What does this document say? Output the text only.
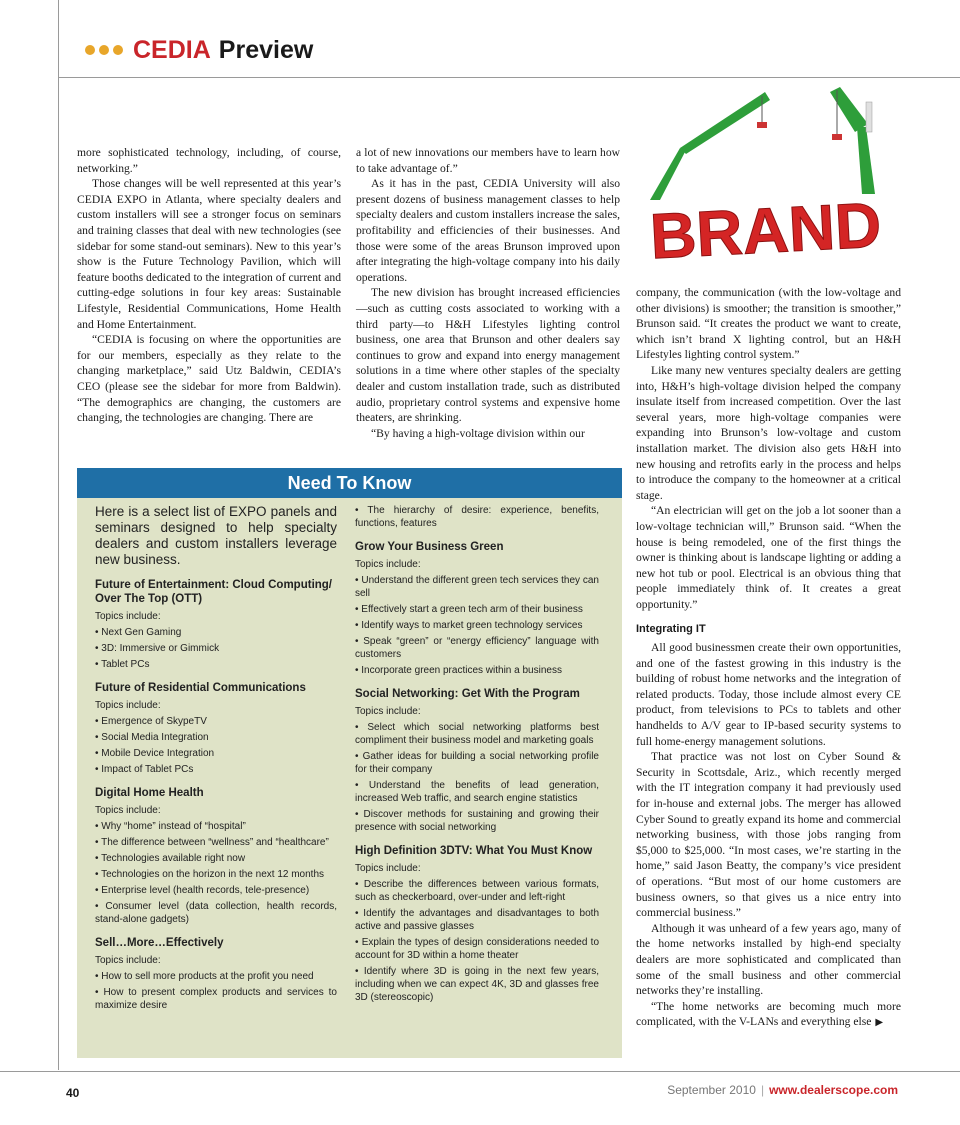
CEDIA Preview

more sophisticated technology, including, of course, networking.”

Those changes will be well represented at this year’s CEDIA EXPO in Atlanta, where specialty dealers and custom installers will see a stronger focus on seminars and training classes that deal with new technologies (see sidebar for some stand-out seminars). New to this year’s show is the Future Technology Pavilion, which will feature booths dedicated to the integration of current and cutting-edge solutions in four key areas: Sustainable Lifestyle, Residential Communications, Home Health and Home Entertainment.

“CEDIA is focusing on where the opportunities are for our members, especially as they relate to the changing marketplace,” said Utz Baldwin, CEDIA’s CEO (please see the sidebar for more from Baldwin). “The demographics are changing, the customers are changing, the technologies are changing. There are

a lot of new innovations our members have to learn how to take advantage of.”

As it has in the past, CEDIA University will also present dozens of business management classes to help specialty dealers and custom installers increase the sales, profitability and efficiencies of their businesses. And those were some of the areas Brunson improved upon after integrating the high-voltage company into his daily operations.

The new division has brought increased efficiencies—such as cutting costs associated to working with a third party—to H&H Lifestyles lighting control business, one area that Brunson and other dealers say continues to grow and expand into energy management solutions in a time where other staples of the specialty dealer and custom installation trade, such as distributed audio, proprietary control systems and expensive home theaters, are shrinking.

“By having a high-voltage division within our

BRAND

company, the communication (with the low-voltage and other divisions) is smoother; the transition is smoother,” Brunson said. “It creates the product we want to create, which isn’t brand X lighting control, but an H&H Lifestyles lighting control system.”

Like many new ventures specialty dealers are getting into, H&H’s high-voltage division helped the company insulate itself from increased competition. Over the last several years, more high-voltage companies were expanding into Brunson’s low-voltage and custom installation market. The division also gets H&H into new housing and retrofits early in the process and helps to introduce the company to the homeowner at a critical stage.

“An electrician will get on the job a lot sooner than a low-voltage technician will,” Brunson said. “When the house is being remodeled, one of the first things the owner is thinking about is landscape lighting or adding a new hot tub or pool. Electrical is an obvious thing that people immediately think of. It creates a great opportunity.”

Integrating IT

All good businessmen create their own opportunities, and one of the fastest growing in this industry is the building of robust home networks and the integration of related products. Today, those include almost every CE product, from televisions to PCs to tablets and other handhelds to A/V gear to IP-based security systems to full home-energy management solutions.

That practice was not lost on Cyber Sound & Security in Scottsdale, Ariz., which recently merged with the IT integration company it had previously used for in-house and external jobs. The merger has allowed Cyber Sound to greatly expand its home and commercial networking business, with those jobs ranging from $5,000 to $25,000. “In most cases, we’re starting in the home,” said Jason Beatty, the company’s vice president of operations. “But most of our home customers are business owners, so that gives us a nice entry into commercial business.”

Although it was unheard of a few years ago, many of the home networks installed by high-end specialty dealers are more sophisticated and complicated than some of the small business and other commercial networks they’re installing.

“The home networks are becoming much more complicated, with the V-LANs and everything else ▶

Need To Know

Here is a select list of EXPO panels and seminars designed to help specialty dealers and custom installers leverage new business.

Future of Entertainment: Cloud Computing/ Over The Top (OTT)

Topics include:

• Next Gen Gaming

• 3D: Immersive or Gimmick

• Tablet PCs

Future of Residential Communications

Topics include:

• Emergence of SkypeTV

• Social Media Integration

• Mobile Device Integration

• Impact of Tablet PCs

Digital Home Health

Topics include:

• Why “home” instead of “hospital”

• The difference between “wellness” and “healthcare”

• Technologies available right now

• Technologies on the horizon in the next 12 months

• Enterprise level (health records, tele-presence)

• Consumer level (data collection, health records, stand-alone gadgets)

Sell…More…Effectively

Topics include:

• How to sell more products at the profit you need

• How to present complex products and services to maximize desire

• The hierarchy of desire: experience, benefits, functions, features

Grow Your Business Green

Topics include:

• Understand the different green tech services they can sell

• Effectively start a green tech arm of their business

• Identify ways to market green technology services

• Speak “green” or “energy efficiency” language with customers

• Incorporate green practices within a business

Social Networking: Get With the Program

Topics include:

• Select which social networking platforms best compliment their business model and marketing goals

• Gather ideas for building a social networking profile for their company

• Understand the benefits of lead generation, increased Web traffic, and search engine statistics

• Discover methods for sustaining and growing their presence with social networking

High Definition 3DTV: What You Must Know

Topics include:

• Describe the differences between various formats, such as checkerboard, over-under and left-right

• Identify the advantages and disadvantages to both active and passive glasses

• Explain the types of design considerations needed to account for 3D within a home theater

• Identify where 3D is going in the next few years, including when we can expect 4K, 3D and glasses free 3D (stereoscopic)

40	September 2010 | www.dealerscope.com
